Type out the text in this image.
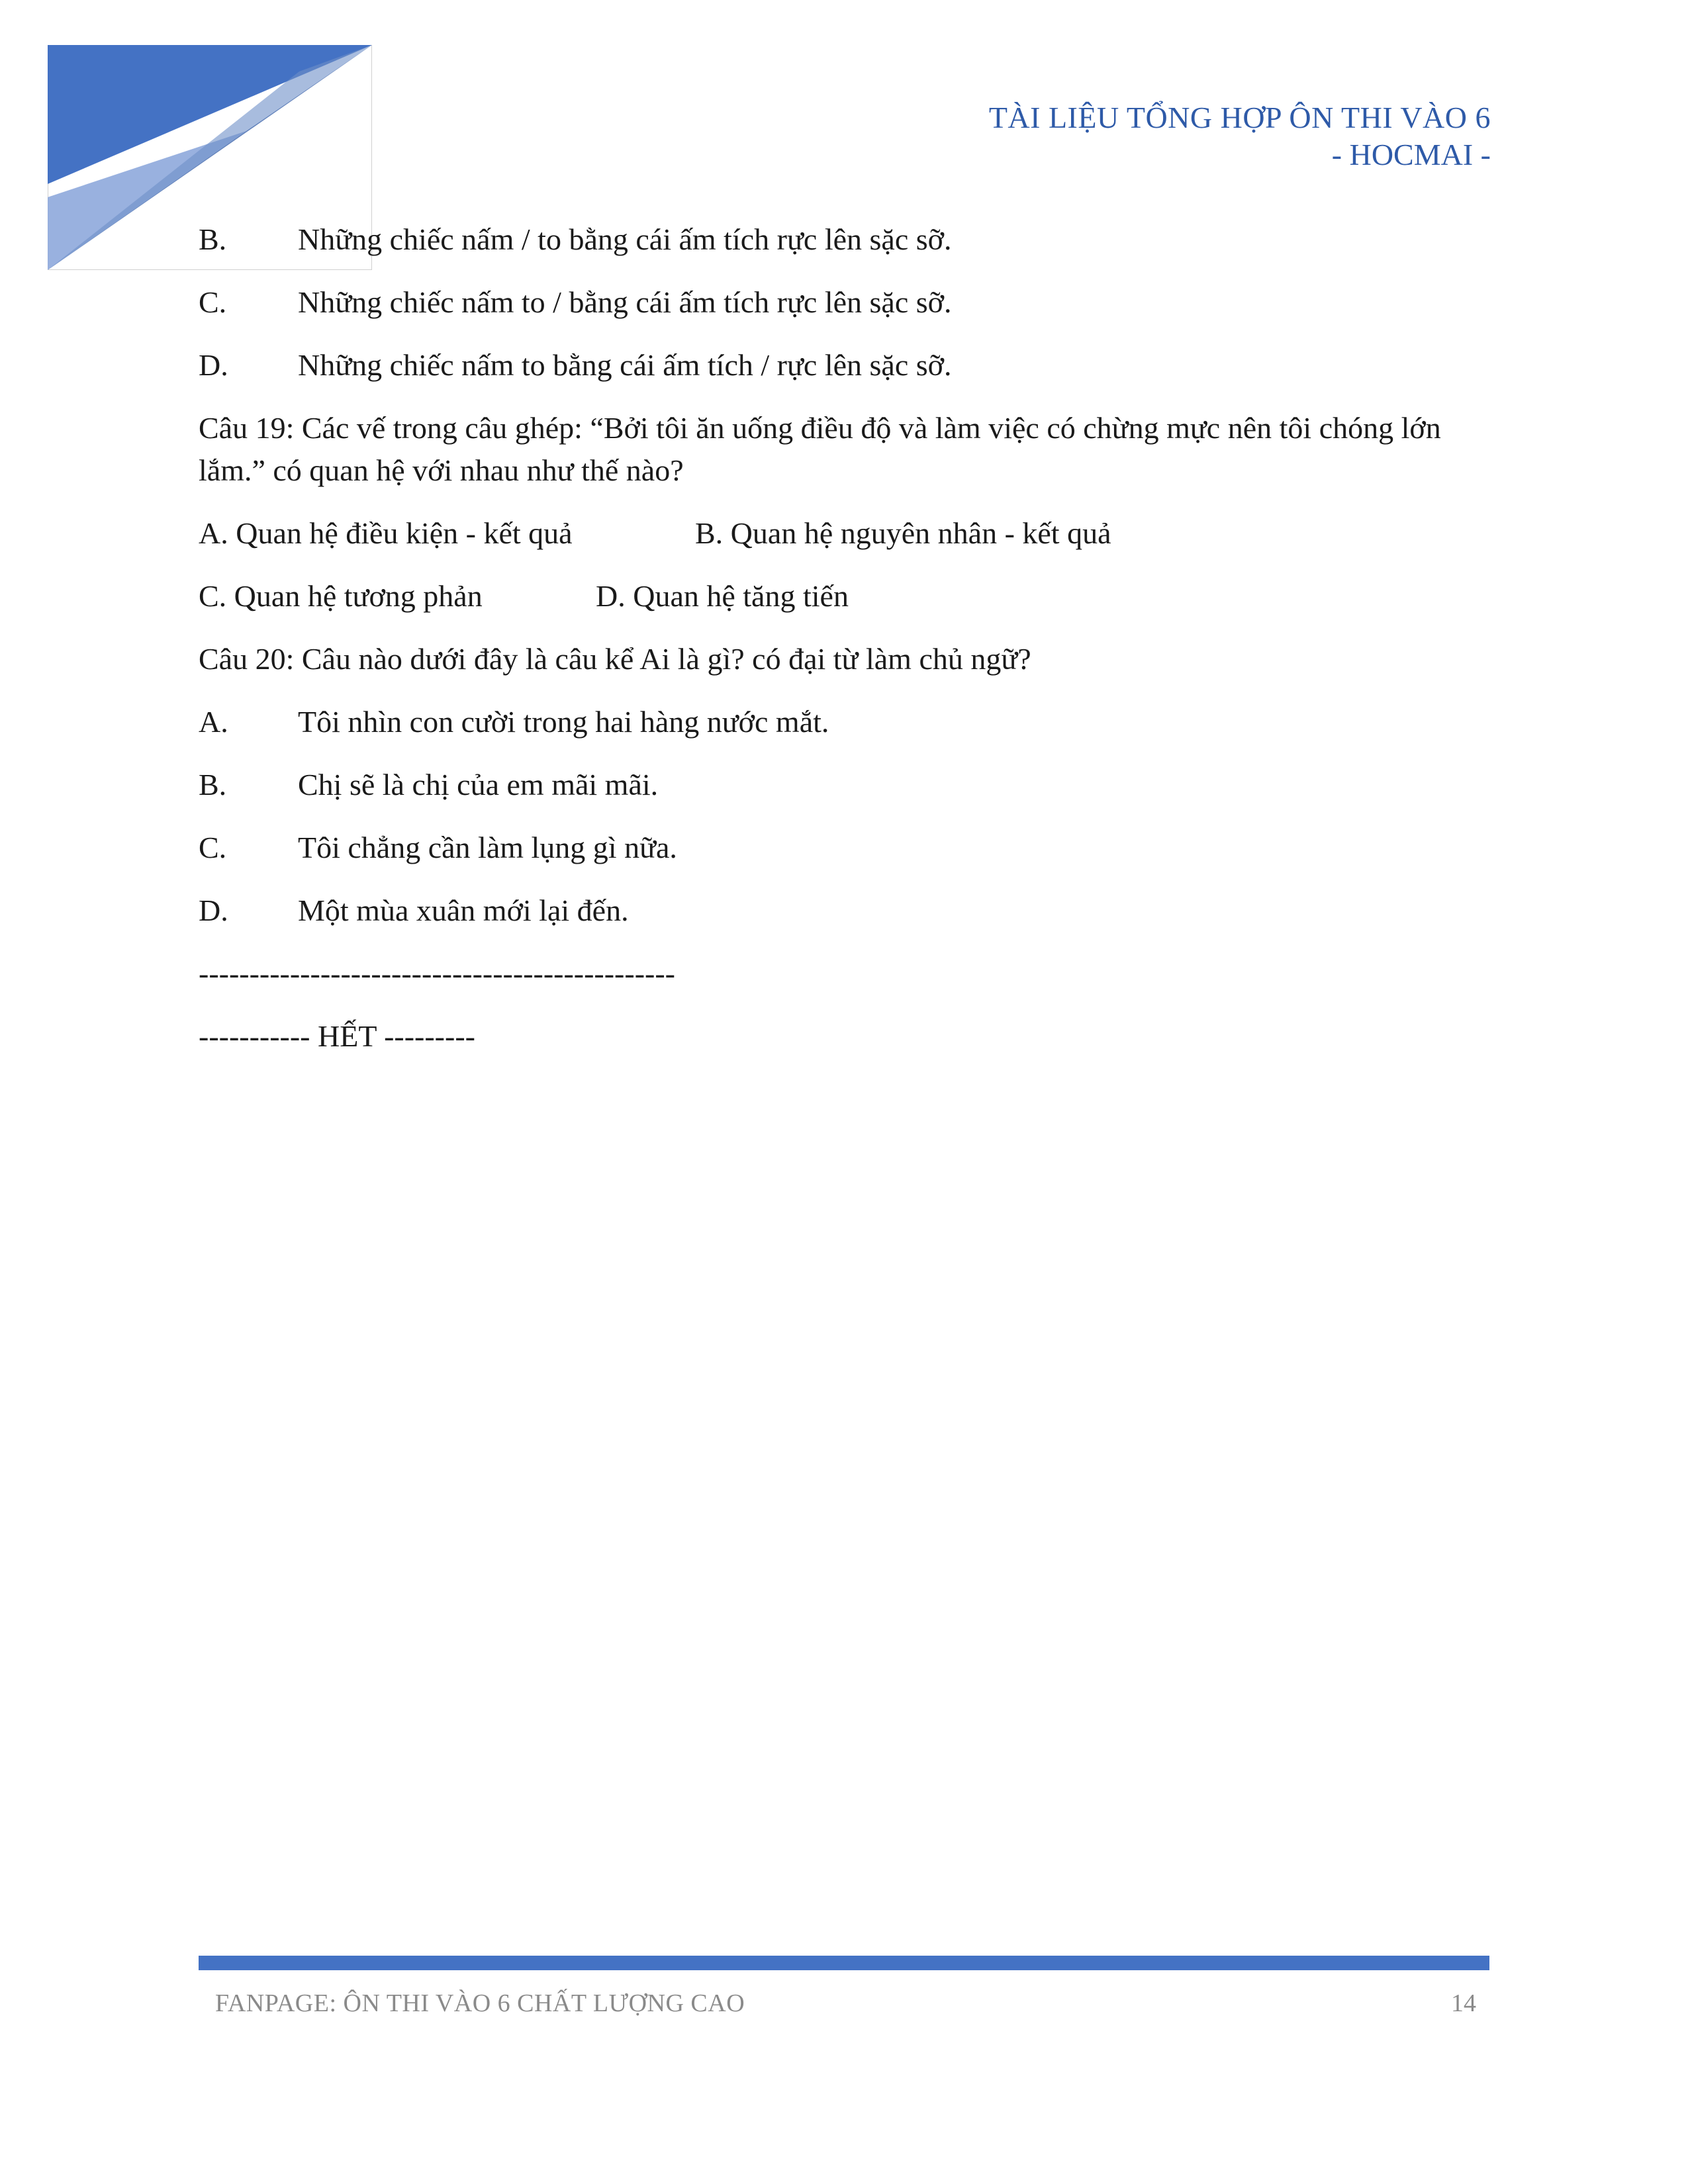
TÀI LIỆU TỔNG HỢP ÔN THI VÀO 6
- HOCMAI -
B.	Những chiếc nấm / to bằng cái ấm tích rực lên sặc sỡ.
C.	Những chiếc nấm to / bằng cái ấm tích rực lên sặc sỡ.
D.	Những chiếc nấm to bằng cái ấm tích / rực lên sặc sỡ.
Câu 19: Các vế trong câu ghép: “Bởi tôi ăn uống điều độ và làm việc có chừng mực nên tôi chóng lớn lắm.” có quan hệ với nhau như thế nào?
A. Quan hệ điều kiện - kết quả	B. Quan hệ nguyên nhân - kết quả
C. Quan hệ tương phản	D. Quan hệ tăng tiến
Câu 20: Câu nào dưới đây là câu kể Ai là gì? có đại từ làm chủ ngữ?
A.	Tôi nhìn con cười trong hai hàng nước mắt.
B.	Chị sẽ là chị của em mãi mãi.
C.	Tôi chẳng cần làm lụng gì nữa.
D.	Một mùa xuân mới lại đến.
-----------------------------------------------
----------- HẾT ---------
FANPAGE: ÔN THI VÀO 6 CHẤT LƯỢNG CAO	14
